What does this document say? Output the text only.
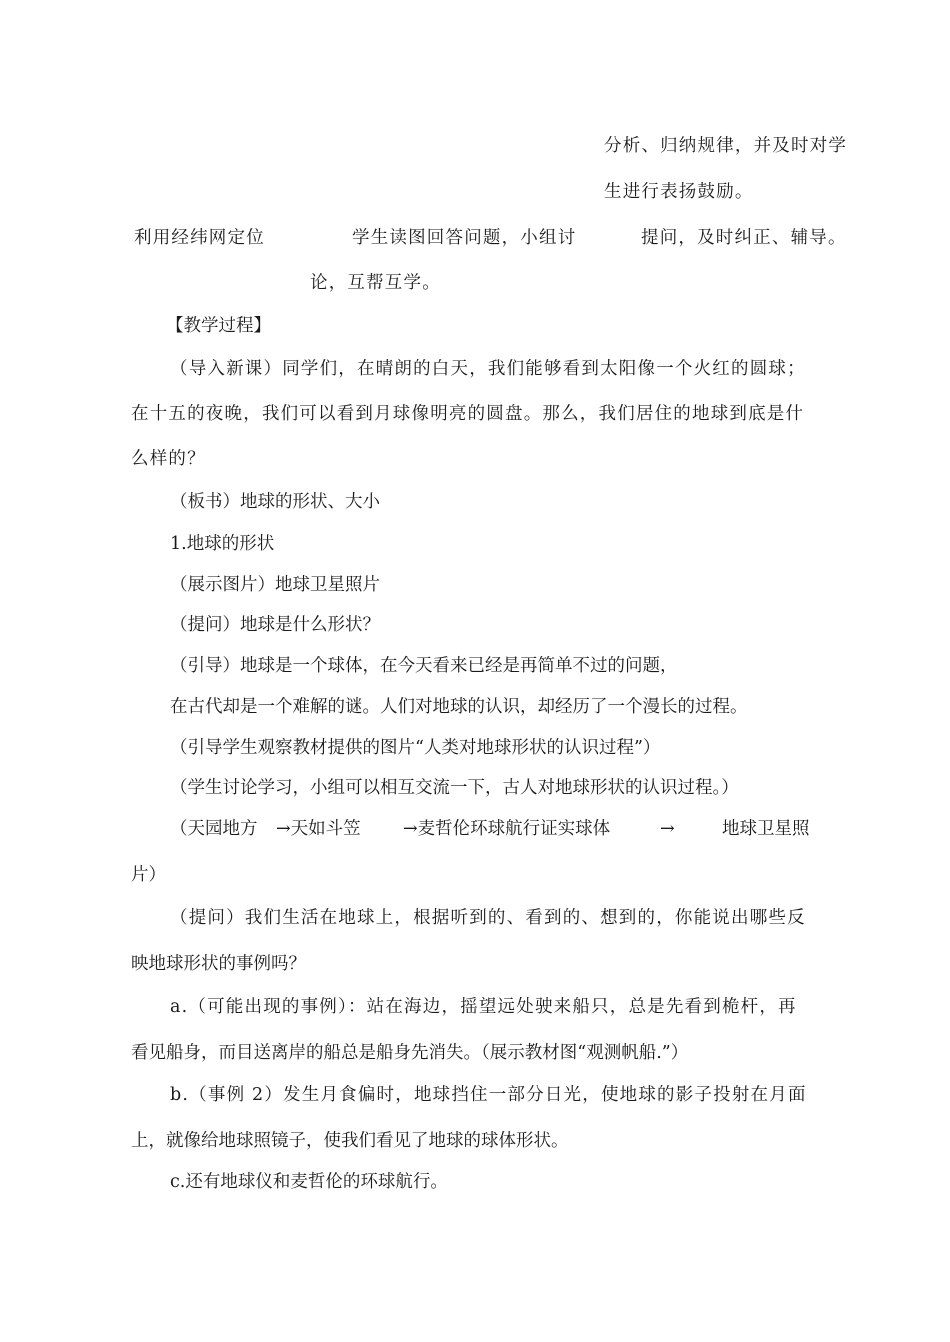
分析、归纳规律，并及时对学
生进行表扬鼓励。
利用经纬网定位	学生读图回答问题，小组讨	提问，及时纠正、辅导。
论，互帮互学。
【教学过程】
（导入新课）同学们，在晴朗的白天，我们能够看到太阳像一个火红的圆球；
在十五的夜晚，我们可以看到月球像明亮的圆盘。那么，我们居住的地球到底是什
么样的？
（板书）地球的形状、大小
1.地球的形状
（展示图片）地球卫星照片
（提问）地球是什么形状？
（引导）地球是一个球体，在今天看来已经是再简单不过的问题，
在古代却是一个难解的谜。人们对地球的认识，却经历了一个漫长的过程。
（引导学生观察教材提供的图片“人类对地球形状的认识过程”）
（学生讨论学习，小组可以相互交流一下，古人对地球形状的认识过程。）
（天园地方 →天如斗笠 →麦哲伦环球航行证实球体	→	地球卫星照
片）
（提问）我们生活在地球上，根据听到的、看到的、想到的，你能说出哪些反
映地球形状的事例吗？
a.（可能出现的事例）：站在海边，摇望远处驶来船只，总是先看到桅杆，再
看见船身，而目送离岸的船总是船身先消失。（展示教材图“观测帆船.”）
b.（事例 2）发生月食偏时，地球挡住一部分日光，使地球的影子投射在月面
上，就像给地球照镜子，使我们看见了地球的球体形状。
c.还有地球仪和麦哲伦的环球航行。
